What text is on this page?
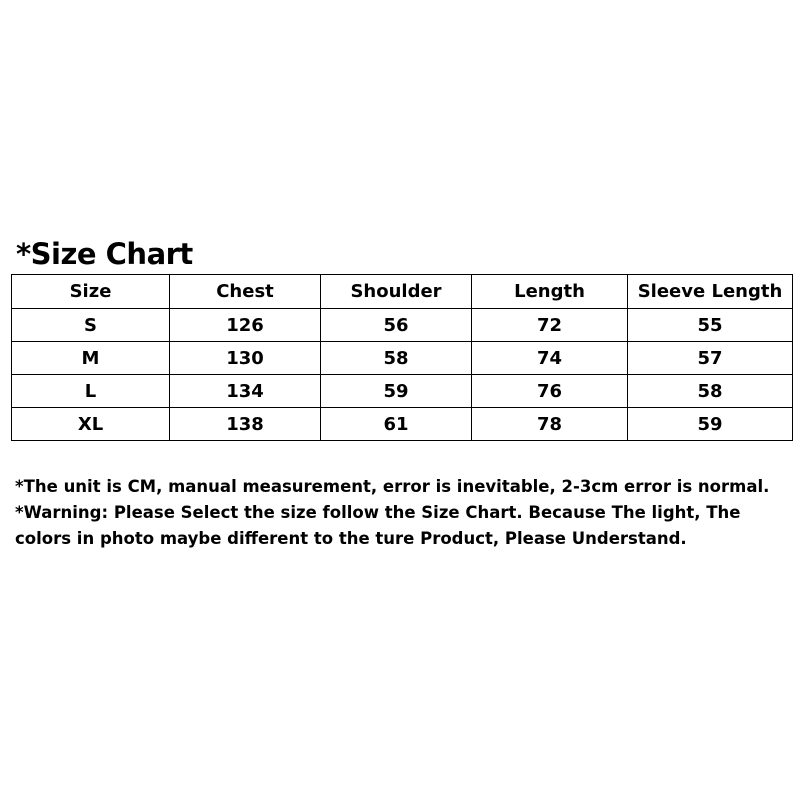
*Size Chart
Size	Chest	Shoulder	Length	Sleeve Length
S	126	56	72	55
M	130	58	74	57
L	134	59	76	58
XL	138	61	78	59
*The unit is CM, manual measurement, error is inevitable, 2-3cm error is normal.
*Warning: Please Select the size follow the Size Chart. Because The light, The
colors in photo maybe different to the ture Product, Please Understand.
